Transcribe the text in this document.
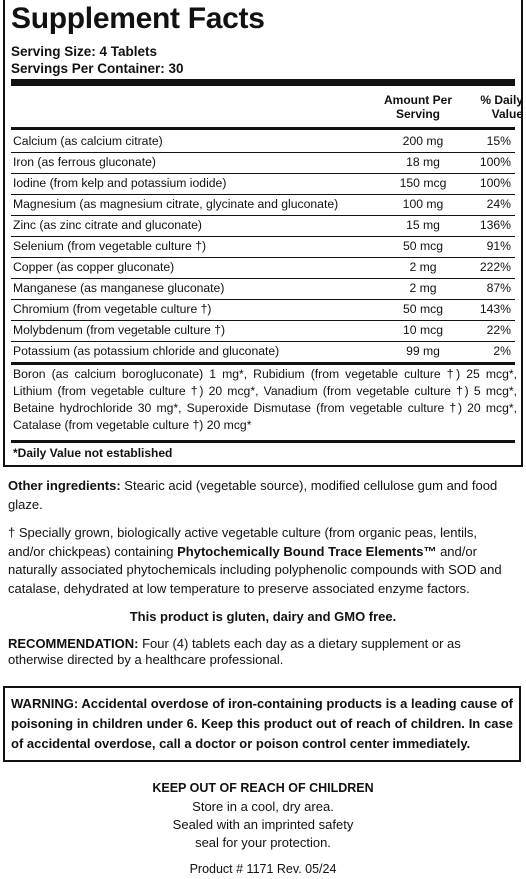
Supplement Facts
Serving Size: 4 Tablets
Servings Per Container: 30
Amount Per
Serving
% Daily
Value
Boron (as calcium borogluconate) 1 mg*, Rubidium (from vegetable culture †) 25 mcg*, Lithium (from vegetable culture †) 20 mcg*, Vanadium (from vegetable culture †) 5 mcg*, Betaine hydrochloride 30 mg*, Superoxide Dismutase (from vegetable culture †) 20 mcg*, Catalase (from vegetable culture †) 20 mcg*
*Daily Value not established
Calcium (as calcium citrate)	200 mg	15%
Iron (as ferrous gluconate)	18 mg	100%
Iodine (from kelp and potassium iodide)	150 mcg	100%
Magnesium (as magnesium citrate, glycinate and gluconate)	100 mg	24%
Zinc (as zinc citrate and gluconate)	15 mg	136%
Selenium (from vegetable culture †)	50 mcg	91%
Copper (as copper gluconate)	2 mg	222%
Manganese (as manganese gluconate)	2 mg	87%
Chromium (from vegetable culture †)	50 mcg	143%
Molybdenum (from vegetable culture †)	10 mcg	22%
Potassium (as potassium chloride and gluconate)	99 mg	2%
Other ingredients: Stearic acid (vegetable source), modified cellulose gum and food glaze.
† Specially grown, biologically active vegetable culture (from organic peas, lentils, and/or chickpeas) containing Phytochemically Bound Trace Elements™ and/or naturally associated phytochemicals including polyphenolic compounds with SOD and catalase, dehydrated at low temperature to preserve associated enzyme factors.
This product is gluten, dairy and GMO free.
RECOMMENDATION: Four (4) tablets each day as a dietary supplement or as otherwise directed by a healthcare professional.
WARNING: Accidental overdose of iron-containing products is a leading cause of poisoning in children under 6. Keep this product out of reach of children. In case of accidental overdose, call a doctor or poison control center immediately.
KEEP OUT OF REACH OF CHILDREN
Store in a cool, dry area.
Sealed with an imprinted safety
seal for your protection.
Product # 1171 Rev. 05/24
